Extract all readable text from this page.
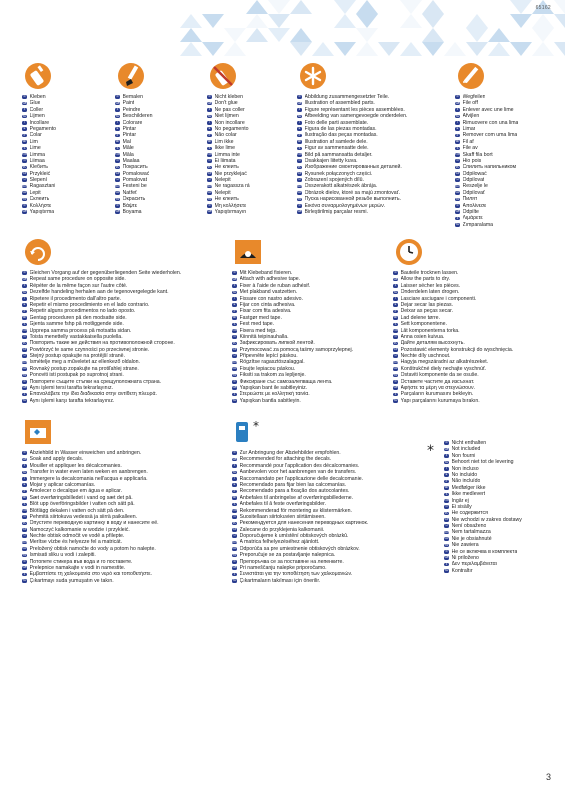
65162
D Kleben
GB Glue
F Coller
NL Lijmen
I Incollare
E Pegamento
P Colar
DK Lim
S Lime
FIN Limma
N Liimaa
PL Kleбить
CZ Przykleić
H Slepení
RUS Ragasztani
GR Lepit
TR Склеить
D Κολλήστε
GB Yapıştırma
D Bemalen
GB Paint
F Peindre
NL Beschilderen
I Colorare
E Pintar
P Pintar
DK Mal
S Måle
FIN Måla
N Maalaa
PL Покрасить
CZ Pomalować
H Pomalovat
RUS Festeni be
GR Natřeť
TR Окрасить
D Βάψτε
GB Boyama
D Nicht kleben
GB Don't glue
F Ne pas coller
NL Niet lijmen
I Non incollare
E No pegamento
P Não colar
DK Lim ikke
S Ikke lime
FIN Limma inte
N Ei liimata
PL Не клеить
CZ Nie przyklejać
H Nelepit
RUS Ne ragassza rá
GR Nelepit
TR Не клеить
D Μη κολλήσετε
GB Yapıştırmayın
D Abbildung zusammengesetzter Teile.
GB Illustration of assembled parts.
F Figure représentant les pièces assemblées.
NL Afbeelding van samengevoegde onderdelen.
I Foto delle parti assemblate.
E Figura de las piezas montadas.
P Ilustração das peças montadas.
DK Illustration af samlede dele.
S Figur av sammensatte dele.
FIN Bild på sammansatta detaljer.
N Osakkajen liitetty kuva.
PL Изображение смонтированных деталей.
CZ Rysunek połączonych części.
H Zobrazení spojených dílů.
RUS Összerakott alkatrészek ábrája.
GR Obrázok dielov, ktoré sa majú zmontovať.
TR Пуска нарисованной резьбе выполнить.
D Εικόνα συναρμολογημένων μερών.
GB Birleştirilmiş parçalar resmi.
D Wegfeilen
GB File off
F Enlever avec une lime
NL Afvijlen
I Rimuovere con una lima
E Limar
P Remover com uma lima
DK Fil af
S File av
FIN Skaff fila bort
N Hio pois
PL Спилить напильником
CZ Odpiłować
H Odpilovat
RUS Reszelje le
GR Odpilovať
TR Пилят
D Απολίνεσε
GB Odpilte
F Λιμάρετε
NL Zımparalama
D Gleichen Vorgang auf der gegenüberliegenden Seite wiederholen.
GB Repeat same procedure on opposite side.
F Répéter de la même façon sur l'autre côté.
NL Dezelfde handeling herhalen aan de tegenovergelegde kant.
I Ripetere il procedimento dall'altro parte.
E Repetir el mismo procedimiento en el lado contrario.
P Repetir alguns procedimentos no lado oposto.
DK Gentag proceduren på den modsatte side.
S Gjenta samme fshp på motliggende side.
FIN Upprepa samma process på motsatta sidan.
N Toista menettelly vastakkaisella puolella.
PL Повторить такие же действия на противоположной стороне.
CZ Powtórzyć te same czynności po przeciwnej stronie.
H Stejný postup opakujte na protější straně.
RUS Ismételje meg a műveletet az ellenkező oldalon.
GR Rovnaký postup zopakujte na protiľahlej strane.
TR Ponoviti isti postupak po suprotnoj strani.
D Повторете същите стъпки на срещуположната страна.
GB Aynı işlemi tersi tarafta tekrarlayınız.
F Επαναλάβετε την ίδια διαδικασία στην αντίθετη πλευρά.
NL Aynı işlemi karşı tarafta tekrarlayınız.
D Mit Klebeband fixieren.
GB Attach with adhesive tape.
F Fixer à l'aide de ruban adhésif.
NL Met plakband vastzetten.
I Fissare con nastro adesivo.
E Fijar con cinta adhesiva.
P Fixar com fita adesiva.
DK Fastgør med tape.
S Fest med tape.
FIN Fixera med tejp.
N Kiinnitä teipinauhalla.
PL Зафиксировать липкой лентой.
CZ Przymocować za pomocą taśmy samoprzylepnej.
H Připevněte lepící páskou.
RUS Rögzítse ragasztószalaggal.
GR Fixujte lepiacou páskou.
TR Fiksiti sa trakom za lepljenje.
D Фиксиране със самозалепваща лента.
GB Yapışkan bant ile sabitleyiniz.
F Στερεώστε με κολλητική ταινία.
NL Yapışkan bantla sabitleyin.
D Bauteile trocknen lassen.
GB Allow the parts to dry.
F Laisser sécher les pièces.
NL Onderdelen laten drogen.
I Lasciare asciugare i componenti.
E Dejar secar las piezas.
P Deixar as peças secar.
DK Lad delene tørre.
S Sett komponentene.
FIN Låt komponenterna torka.
N Anna osien kuivua.
PL Дайте деталям высохнуть.
CZ Pozostawić elementy konstrukcji do wyschnięcia.
H Nechte díly uschnout.
RUS Hagyja megszáradni az alkatrészeket.
GR Konštrukčné diely nechajte vyschnúť.
TR Ostaviti komponente da se osuše.
D Оставете частите да изсъхнат.
GB Αφήστε τα μέρη να στεγνώσουν.
F Parçaların kurumasını bekleyin.
NL Yapı parçalarını kurumaya bırakın.
D Abziehbild in Wasser einweichen und anbringen.
GB Soak and apply decals.
F Mouiller et appliquer les décalcomanies.
NL Transfer in water even laten weken en aanbrengen.
I Immergere la decalcomania nell'acqua e applicarla.
E Mojar y aplicar calcomanías.
P Amolecer o decalque em água e aplicar.
DK Sæt overføringsbilledet i vand og sæt det på.
S Blöt upp överföringsbilder i vatten och sätt på.
FIN Blötlägg dekalen i vatten och sätt på den.
N Pehmitä siirtokuva vedessä ja siirrä paikalleen.
PL Опустите переводную картинку в воду и нанесите её.
CZ Namoczyć kalkomanie w wodzie i przykleić.
H Nechte obtisk odmočit ve vodě a přilepte.
RUS Merítse vízbe és helyezze fel a matricát.
GR Preložený obtisk namočte do vody a potom ho nalepte.
TR Ismisati sliku u vodi i zalepiti.
D Потопете стикера във вода и го поставете.
GB Prelepnice namakajte v vodi in namestite.
F Εμβαπτίστε τη χαλκομανία στο νερό και τοποθετήστε.
NL Çıkartmayı suda yumuşatın ve takın.
*
D Zur Anbringung der Abziehbilder empfohlen.
GB Recommended for attaching the decals.
F Recommandé pour l'application des décalcomanies.
NL Aanbevolen voor het aanbrengen van de transfers.
I Raccomandato per l'applicazione delle decalcomanie.
E Recomendado para fijar bien las calcomanías.
P Recomendado para a fixação dos autocolantes.
DK Anbefales til anbringelse af overføringsbillederne.
S Anbefales til å feste overføringsbilder.
FIN Rekommenderad för montering av klistermärken.
N Suositellaan siirtokuvien siirtämiseen.
PL Рекомендуется для нанесения переводных картинок.
CZ Zalecane do przyklejenia kalkomanii.
H Doporučujeme k umístění obtiskových obrázků.
RUS A matrica felhelyezéséhez ajánlott.
GR Odporúča sa pre umiestnenie obtiskových obrázkov.
TR Preporučuje se za postavljanje nalepnica.
D Препоръчва се за поставяне на лепенките.
GB Pri nameščanju nalepke priporočamo.
F Συνιστάται για την τοποθέτηση των χαλκομανιών.
NL Çıkartmaların takılması için önerilir.
*
D Nicht enthalten
GB Not included
F Non fourni
NL Behoort niet tot de levering
I Non incluso
E No incluido
P Não incluído
DK Medfølger ikke
S Ikke medlevert
FIN Ingår ej
N Ei sisälly
PL Не содержится
CZ Nie wchodzi w zakres dostawy
H Není obsaženo
RUS Nem tartalmazza
GR Nie je obsiahnuté
TR Nie zawiera
D Не се включва в комплекта
GB Ni priloženo
F Δεν περιλαμβάνεται
NL Kontraltır
3
